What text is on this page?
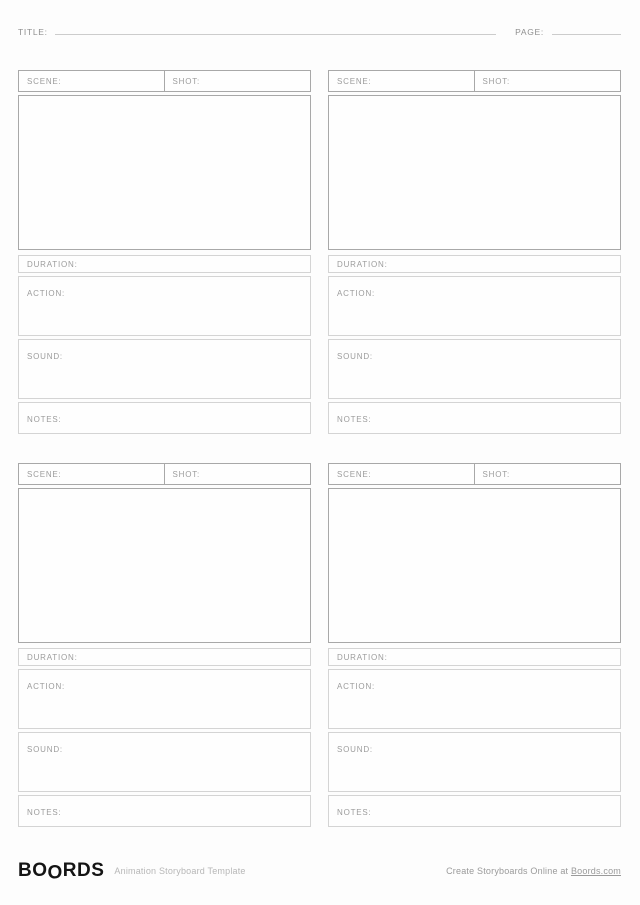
TITLE:	PAGE:
SCENE:	SHOT:
DURATION:
ACTION:
SOUND:
NOTES:
SCENE:	SHOT:
DURATION:
ACTION:
SOUND:
NOTES:
SCENE:	SHOT:
DURATION:
ACTION:
SOUND:
NOTES:
SCENE:	SHOT:
DURATION:
ACTION:
SOUND:
NOTES:
BOORDS Animation Storyboard Template	Create Storyboards Online at Boords.com
